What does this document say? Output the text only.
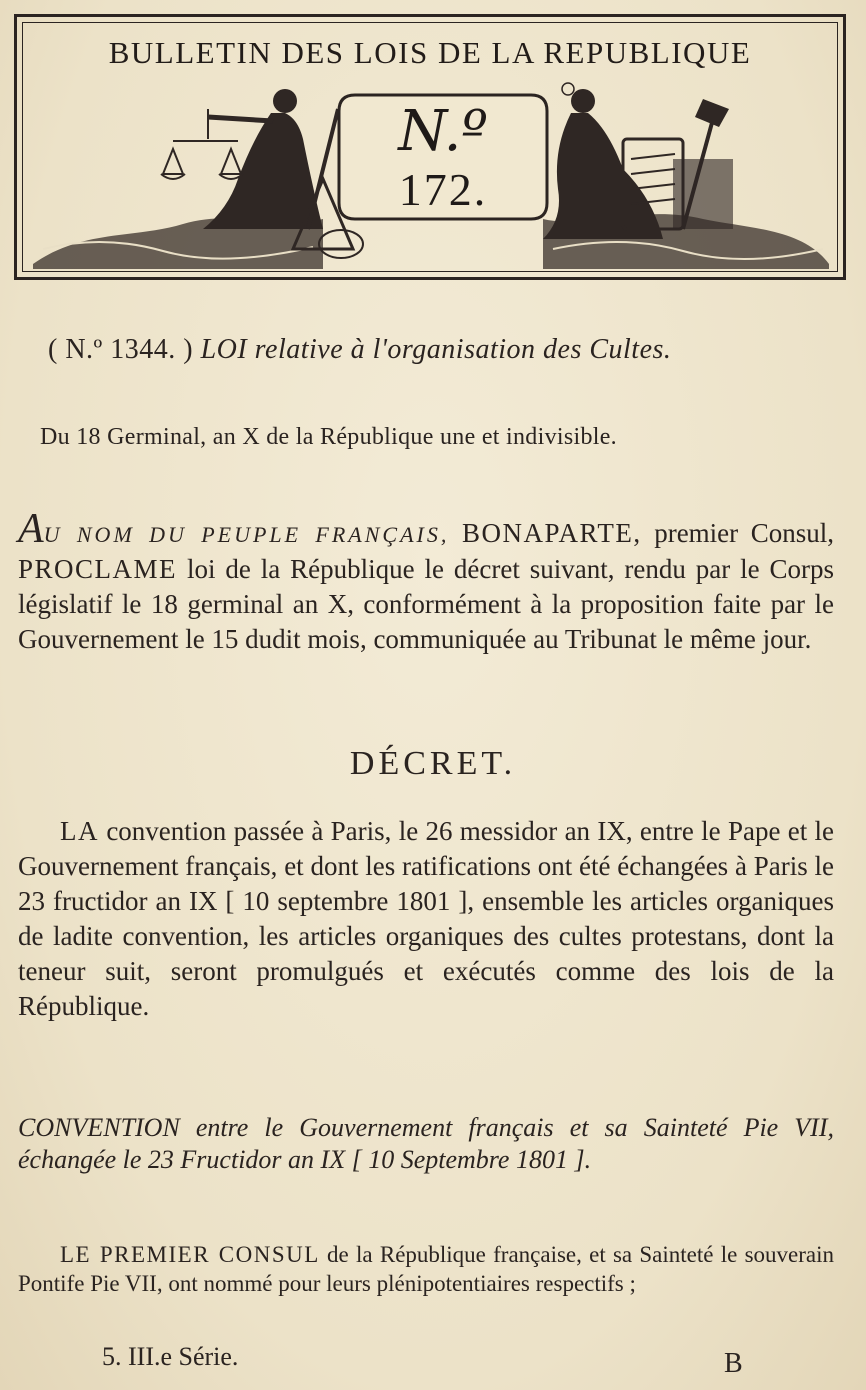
BULLETIN DES LOIS DE LA REPUBLIQUE
N.º
172.
( N.º 1344. ) LOI relative à l'organisation des Cultes.
Du 18 Germinal, an X de la République une et indivisible.

AU NOM DU PEUPLE FRANÇAIS, BONAPARTE, premier Consul, PROCLAME loi de la République le décret suivant, rendu par le Corps législatif le 18 germinal an X, conformément à la proposition faite par le Gouvernement le 15 dudit mois, communiquée au Tribunat le même jour.

DÉCRET.

LA convention passée à Paris, le 26 messidor an IX, entre le Pape et le Gouvernement français, et dont les ratifications ont été échangées à Paris le 23 fructidor an IX [ 10 septembre 1801 ], ensemble les articles organiques de ladite convention, les articles organiques des cultes protestans, dont la teneur suit, seront promulgués et exécutés comme des lois de la République.

CONVENTION entre le Gouvernement français et sa Sainteté Pie VII, échangée le 23 Fructidor an IX [ 10 Septembre 1801 ].
LE PREMIER CONSUL de la République française, et sa Sainteté le souverain Pontife Pie VII, ont nommé pour leurs plénipotentiaires respectifs ;
5. III.e Série.	B
